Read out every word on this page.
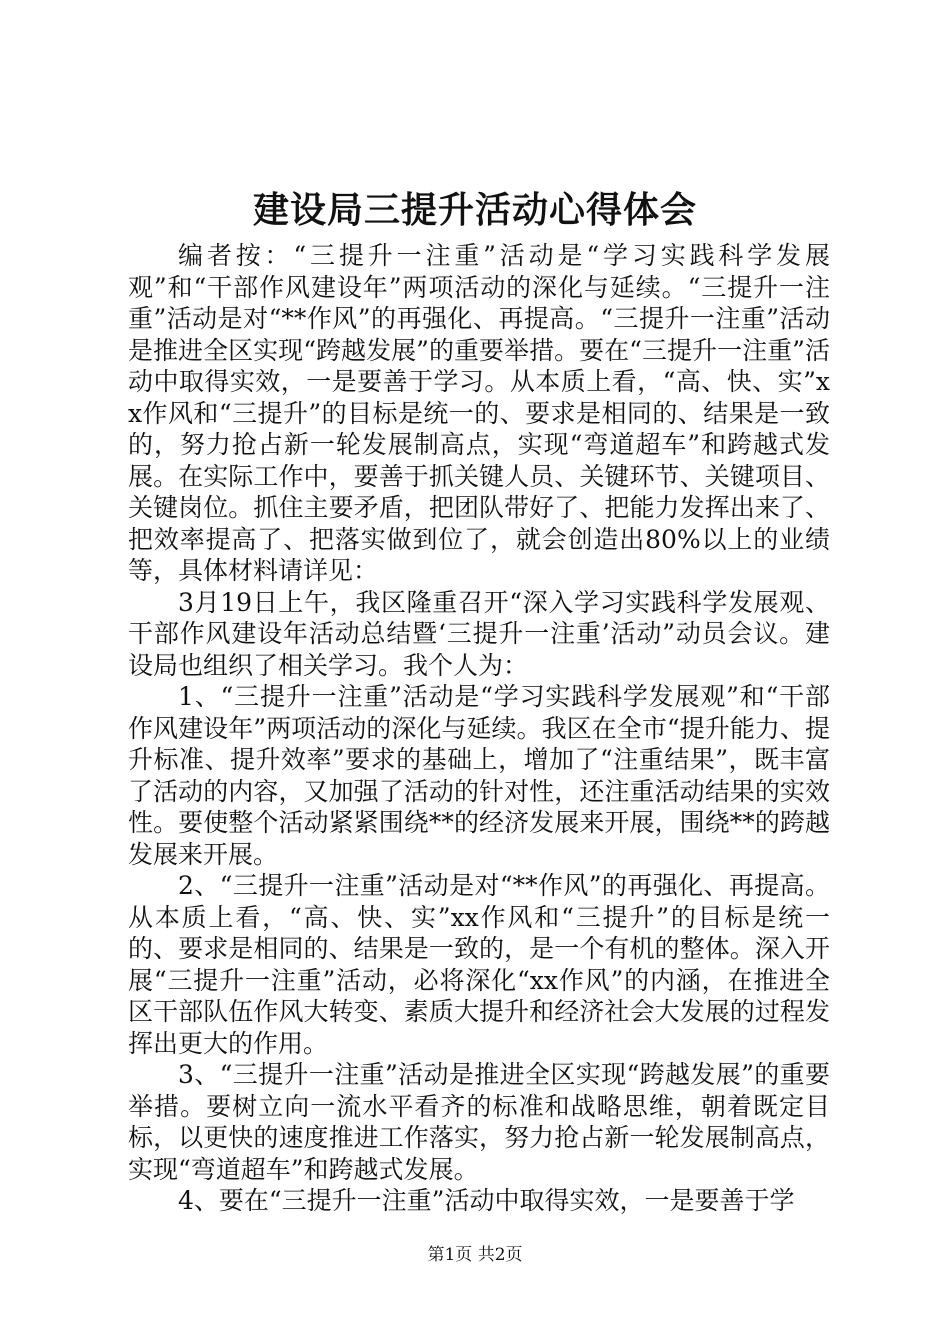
建设局三提升活动心得体会

编者按：“三提升一注重”活动是“学习实践科学发展观”和“干部作风建设年”两项活动的深化与延续。“三提升一注重”活动是对“**作风”的再强化、再提高。“三提升一注重”活动是推进全区实现“跨越发展”的重要举措。要在“三提升一注重”活动中取得实效，一是要善于学习。从本质上看，“高、快、实”xx作风和“三提升”的目标是统一的、要求是相同的、结果是一致的，努力抢占新一轮发展制高点，实现“弯道超车”和跨越式发展。在实际工作中，要善于抓关键人员、关键环节、关键项目、关键岗位。抓住主要矛盾，把团队带好了、把能力发挥出来了、把效率提高了、把落实做到位了，就会创造出80%以上的业绩等，具体材料请详见：

3月19日上午，我区隆重召开“深入学习实践科学发展观、干部作风建设年活动总结暨‘三提升一注重’活动”动员会议。建设局也组织了相关学习。我个人为：

1、“三提升一注重”活动是“学习实践科学发展观”和“干部作风建设年”两项活动的深化与延续。我区在全市“提升能力、提升标准、提升效率”要求的基础上，增加了“注重结果”，既丰富了活动的内容，又加强了活动的针对性，还注重活动结果的实效性。要使整个活动紧紧围绕**的经济发展来开展，围绕**的跨越发展来开展。

2、“三提升一注重”活动是对“**作风”的再强化、再提高。从本质上看，“高、快、实”xx作风和“三提升”的目标是统一的、要求是相同的、结果是一致的，是一个有机的整体。深入开展“三提升一注重”活动，必将深化“xx作风”的内涵，在推进全区干部队伍作风大转变、素质大提升和经济社会大发展的过程发挥出更大的作用。

3、“三提升一注重”活动是推进全区实现“跨越发展”的重要举措。要树立向一流水平看齐的标准和战略思维，朝着既定目标，以更快的速度推进工作落实，努力抢占新一轮发展制高点，实现“弯道超车”和跨越式发展。

4、要在“三提升一注重”活动中取得实效，一是要善于学

第1页 共2页
